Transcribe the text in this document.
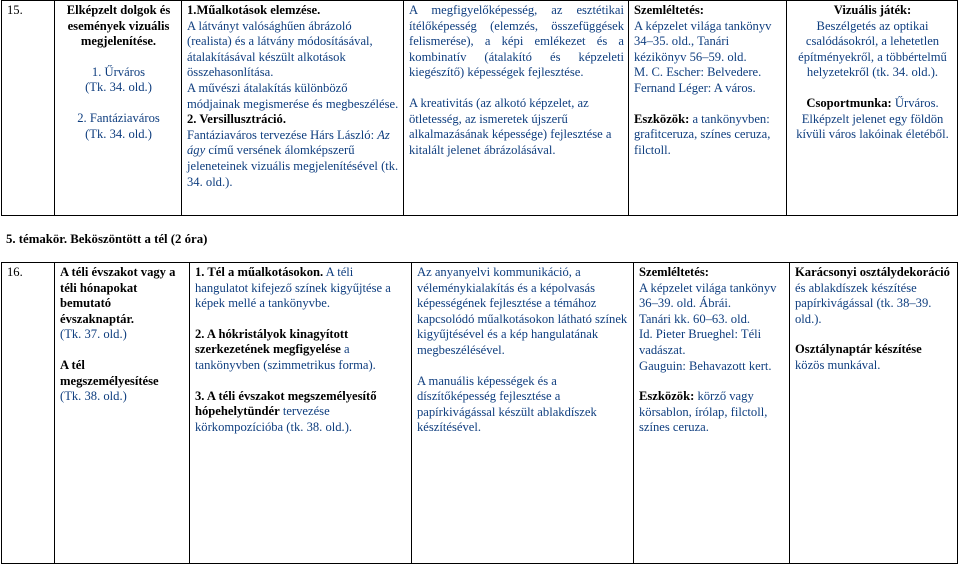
15.	Elképzelt dolgok és események vizuális megjelenítése.

1. Űrváros

(Tk. 34. old.)

2. Fantáziaváros

(Tk. 34. old.)

1.Műalkotások elemzése.

A látványt valósághűen ábrázoló (realista) és a látvány módosításával, átalakításával készült alkotások összehasonlítása.

A művészi átalakítás különböző módjainak megismerése és megbeszélése.

2. Versillusztráció.

Fantáziaváros tervezése Hárs László: Az ágy című versének álomképszerű jeleneteinek vizuális megjelenítésével (tk. 34. old.).

A megfigyelőképesség, az esztétikai ítélőképesség (elemzés, összefüggések felismerése), a képi emlékezet és a kombinatív (átalakító és képzeleti kiegészítő) képességek fejlesztése.

A kreativitás (az alkotó képzelet, az ötletesség, az ismeretek újszerű alkalmazásának képessége) fejlesztése a kitalált jelenet ábrázolásával.

Szemléltetés:

A képzelet világa tankönyv 34–35. old., Tanári kézikönyv 56–59. old.

M. C. Escher: Belvedere.

Fernand Léger: A város.

Eszközök: a tankönyvben: grafitceruza, színes ceruza, filctoll.

Vizuális játék:

Beszélgetés az optikai csalódásokról, a lehetetlen építményekről, a többértelmű helyzetekről (tk. 34. old.).

Csoportmunka: Űrváros.

Elképzelt jelenet egy földön kívüli város lakóinak életéből.

5. témakör. Beköszöntött a tél (2 óra)
16.	A téli évszakot vagy a téli hónapokat bemutató évszaknaptár.

(Tk. 37. old.)

A tél megszemélyesítése

(Tk. 38. old.)

1. Tél a műalkotásokon. A téli hangulatot kifejező színek kigyűjtése a képek mellé a tankönyvbe.

2. A hókristályok kinagyított szerkezetének megfigyelése a tankönyvben (szimmetrikus forma).

3. A téli évszakot megszemélyesítő hópehelytündér tervezése körkompozícióba (tk. 38. old.).

Az anyanyelvi kommunikáció, a véleménykialakítás és a képolvasás képességének fejlesztése a témához kapcsolódó műalkotásokon látható színek kigyűjtésével és a kép hangulatának megbeszélésével.

A manuális képességek és a díszítőképesség fejlesztése a papírkivágással készült ablakdíszek készítésével.

Szemléltetés:

A képzelet világa tankönyv 36–39. old. Ábrái.

Tanári kk. 60–63. old.

Id. Pieter Brueghel: Téli vadászat.

Gauguin: Behavazott kert.

Eszközök: körző vagy körsablon, írólap, filctoll, színes ceruza.

Karácsonyi osztálydekoráció és ablakdíszek készítése papírkivágással (tk. 38–39. old.).

Osztálynaptár készítése közös munkával.
